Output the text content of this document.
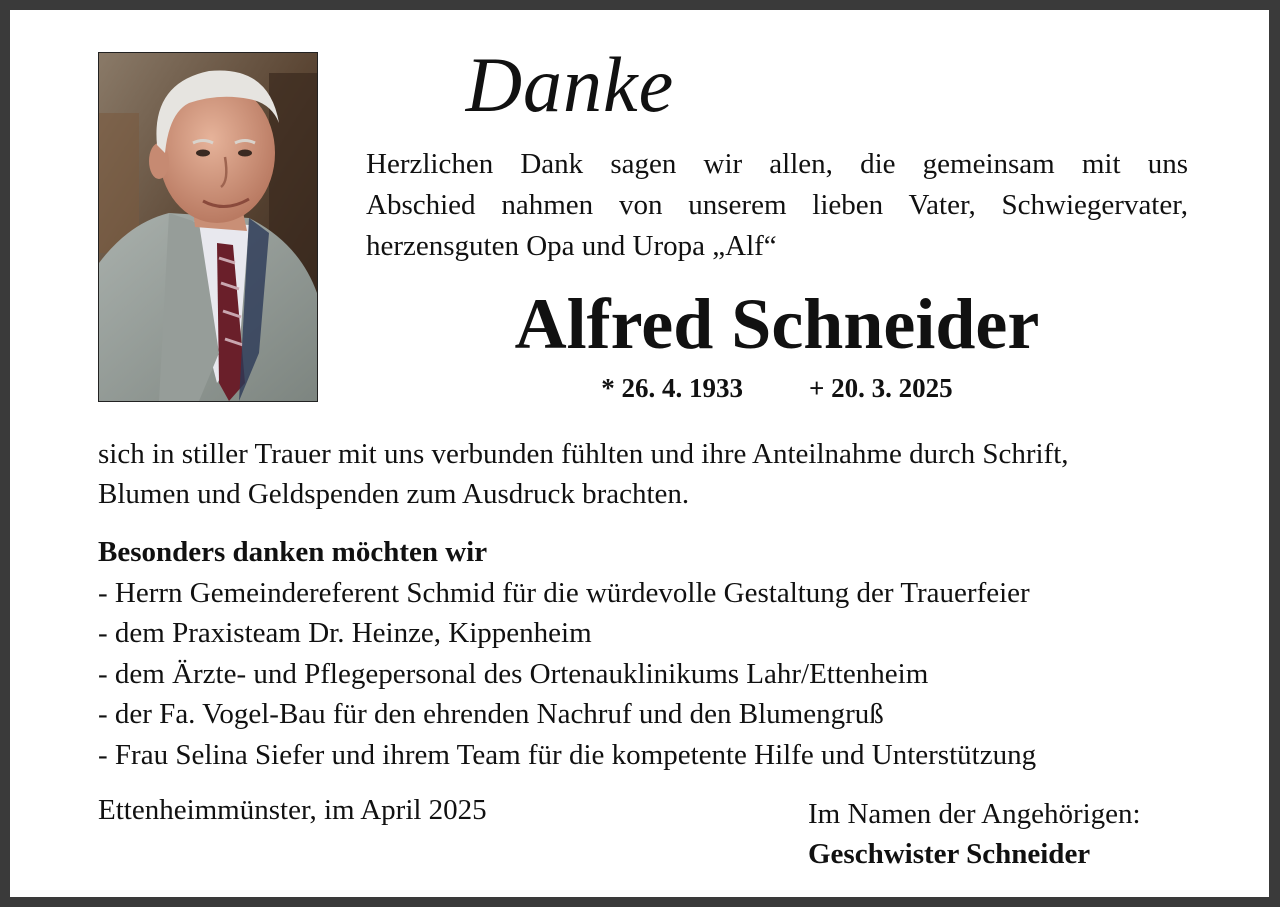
Danke
Herzlichen Dank sagen wir allen, die gemeinsam mit uns
Abschied nahmen von unserem lieben Vater, Schwiegervater,
herzensguten Opa und Uropa „Alf“
Alfred Schneider
* 26. 4. 1933 + 20. 3. 2025
sich in stiller Trauer mit uns verbunden fühlten und ihre Anteilnahme durch Schrift,
Blumen und Geldspenden zum Ausdruck brachten.
Besonders danken möchten wir
- Herrn Gemeindereferent Schmid für die würdevolle Gestaltung der Trauerfeier
- dem Praxisteam Dr. Heinze, Kippenheim
- dem Ärzte- und Pflegepersonal des Ortenauklinikums Lahr/Ettenheim
- der Fa. Vogel-Bau für den ehrenden Nachruf und den Blumengruß
- Frau Selina Siefer und ihrem Team für die kompetente Hilfe und Unterstützung
Ettenheimmünster, im April 2025	Im Namen der Angehörigen:
Geschwister Schneider
